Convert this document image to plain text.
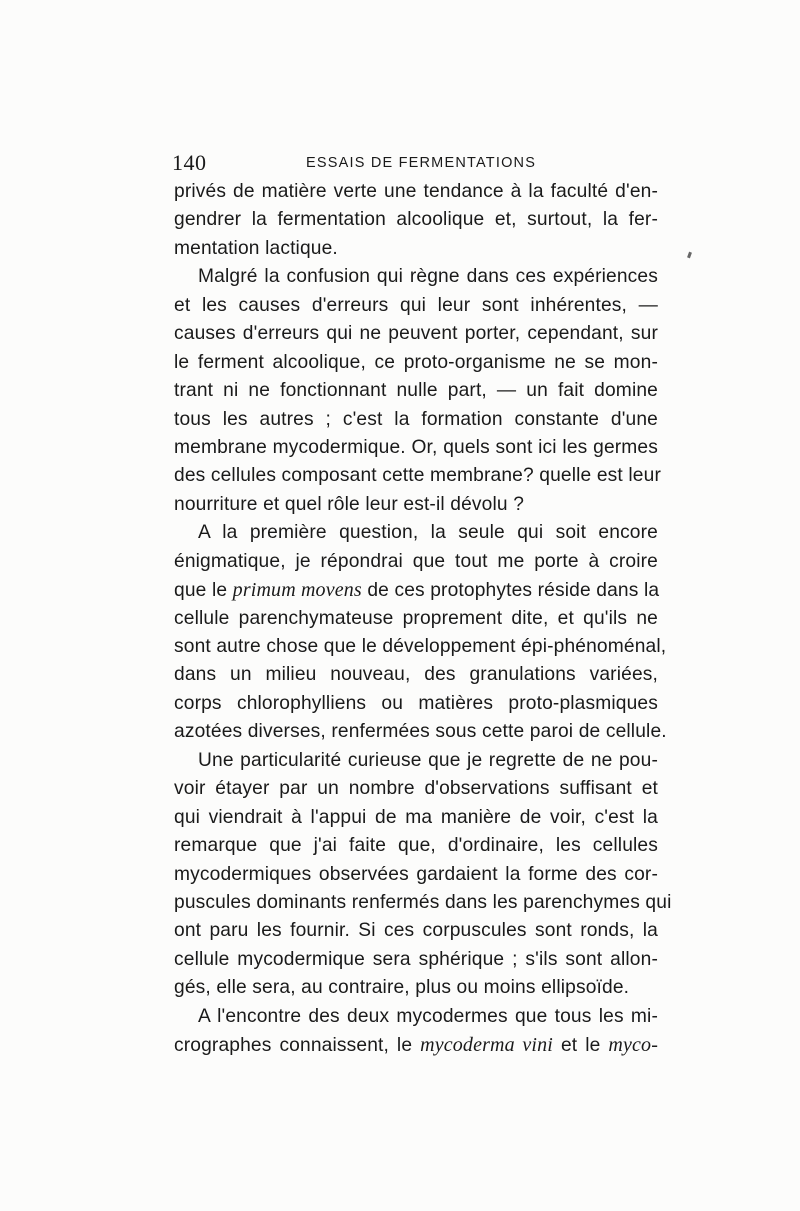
140	ESSAIS DE FERMENTATIONS
privés de matière verte une tendance à la faculté d'en-
gendrer la fermentation alcoolique et, surtout, la fer-
mentation lactique.
Malgré la confusion qui règne dans ces expériences
et les causes d'erreurs qui leur sont inhérentes, —
causes d'erreurs qui ne peuvent porter, cependant, sur
le ferment alcoolique, ce proto-organisme ne se mon-
trant ni ne fonctionnant nulle part, — un fait domine
tous les autres ; c'est la formation constante d'une
membrane mycodermique. Or, quels sont ici les germes
des cellules composant cette membrane? quelle est leur
nourriture et quel rôle leur est-il dévolu ?
A la première question, la seule qui soit encore
énigmatique, je répondrai que tout me porte à croire
que le primum movens de ces protophytes réside dans la
cellule parenchymateuse proprement dite, et qu'ils ne
sont autre chose que le développement épi-phénoménal,
dans un milieu nouveau, des granulations variées,
corps chlorophylliens ou matières proto-plasmiques
azotées diverses, renfermées sous cette paroi de cellule.
Une particularité curieuse que je regrette de ne pou-
voir étayer par un nombre d'observations suffisant et
qui viendrait à l'appui de ma manière de voir, c'est la
remarque que j'ai faite que, d'ordinaire, les cellules
mycodermiques observées gardaient la forme des cor-
puscules dominants renfermés dans les parenchymes qui
ont paru les fournir. Si ces corpuscules sont ronds, la
cellule mycodermique sera sphérique ; s'ils sont allon-
gés, elle sera, au contraire, plus ou moins ellipsoïde.
A l'encontre des deux mycodermes que tous les mi-
crographes connaissent, le mycoderma vini et le myco-
